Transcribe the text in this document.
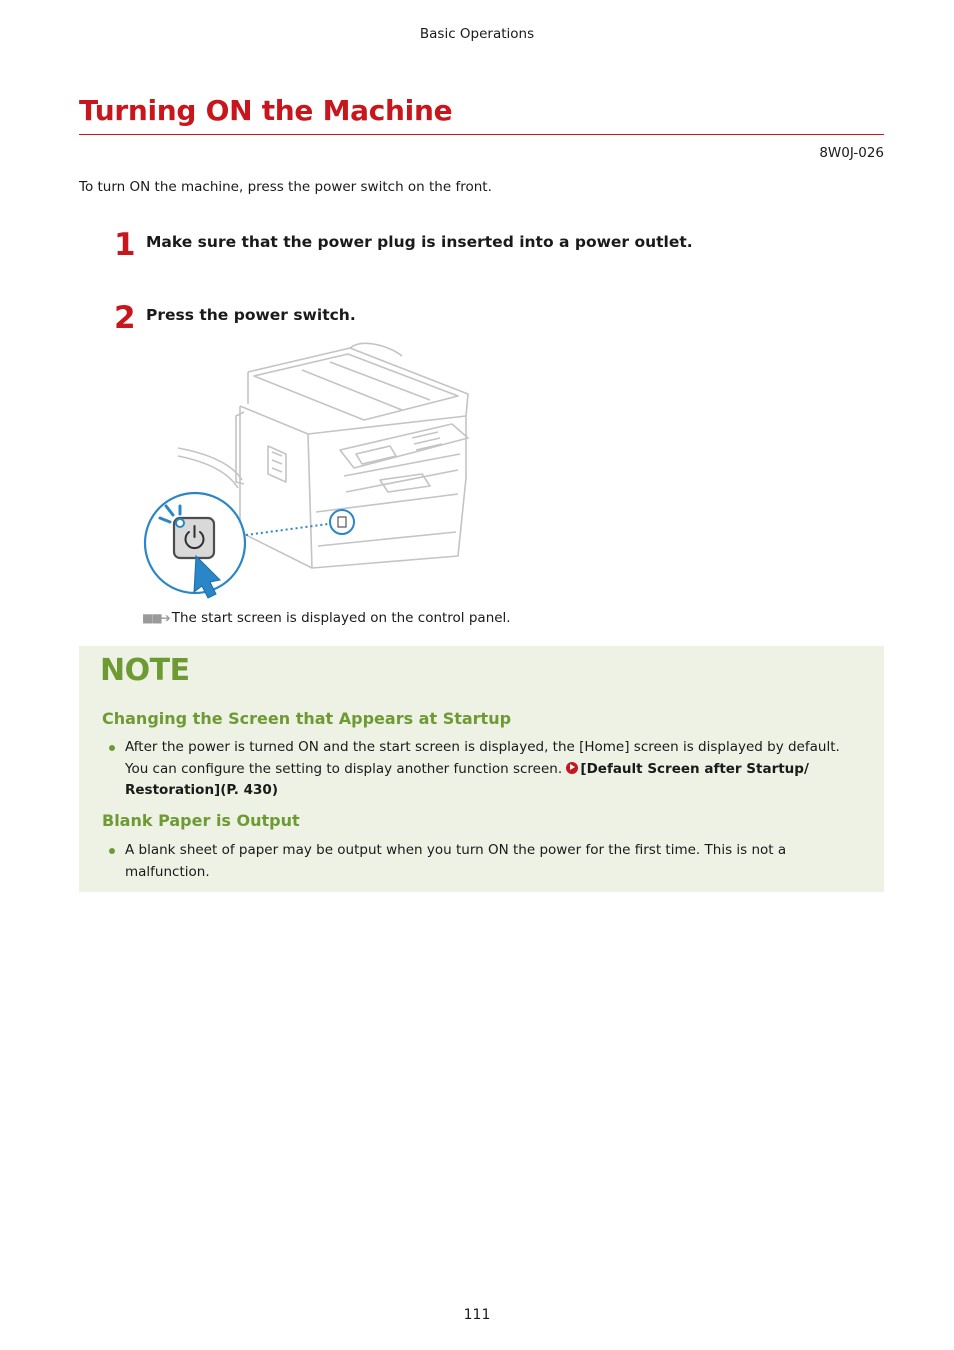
Basic Operations
Turning ON the Machine
8W0J-026
To turn ON the machine, press the power switch on the front.
1 Make sure that the power plug is inserted into a power outlet.
2 Press the power switch.
■■➔ The start screen is displayed on the control panel.
NOTE
Changing the Screen that Appears at Startup
After the power is turned ON and the start screen is displayed, the [Home] screen is displayed by default. You can configure the setting to display another function screen. [Default Screen after Startup/ Restoration](P. 430)
Blank Paper is Output
A blank sheet of paper may be output when you turn ON the power for the first time. This is not a malfunction.
111
